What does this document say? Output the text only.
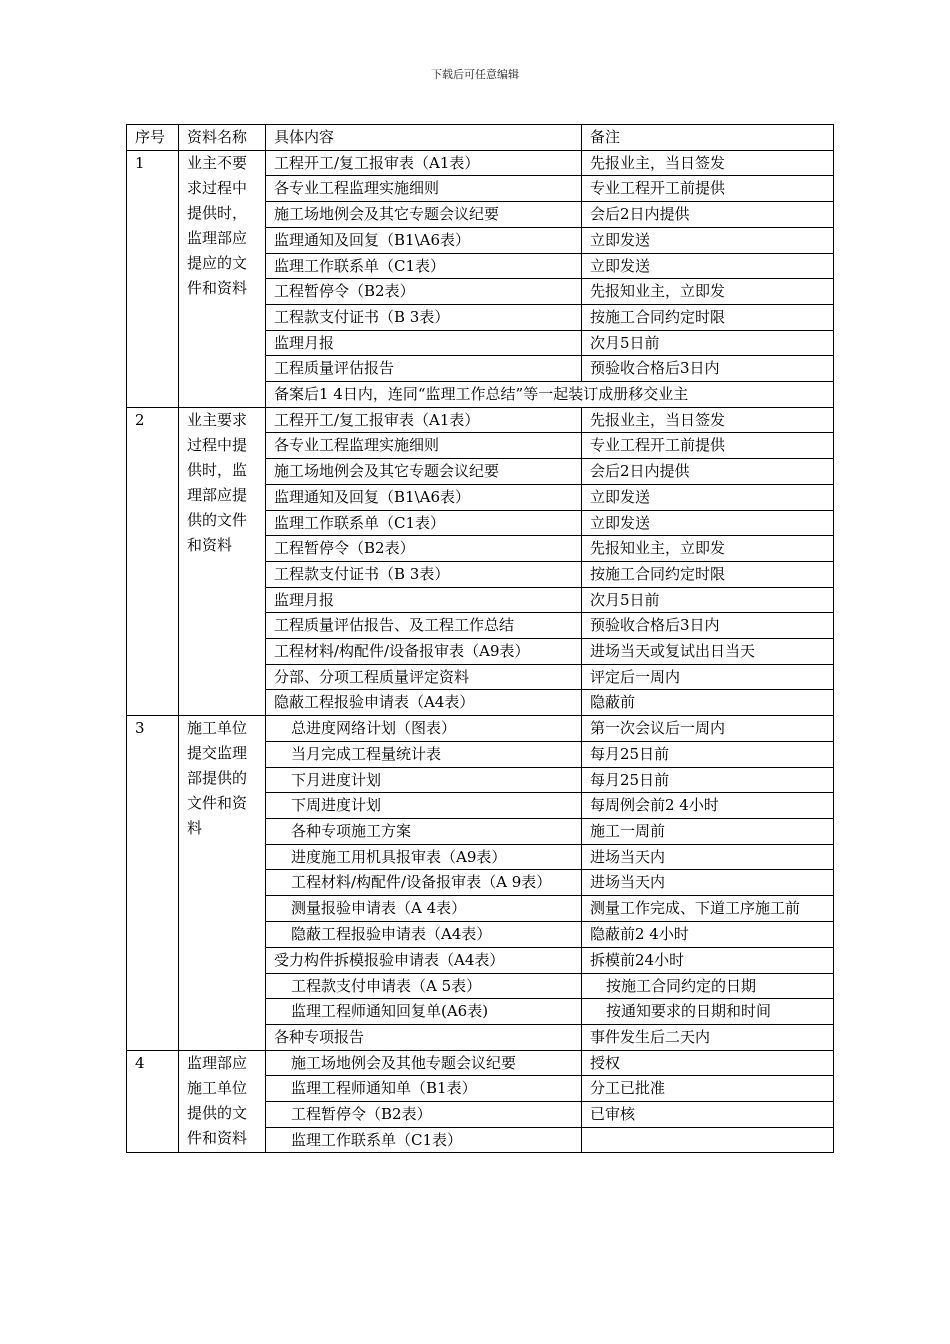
下载后可任意编辑
序号	资料名称	具体内容	备注
1	业主不要求过程中提供时，监理部应提应的文件和资料	工程开工/复工报审表（A1表）	先报业主，当日签发
		各专业工程监理实施细则	专业工程开工前提供
		施工场地例会及其它专题会议纪要	会后2日内提供
		监理通知及回复（B1\A6表）	立即发送
		监理工作联系单（C1表）	立即发送
		工程暂停令（B2表）	先报知业主，立即发
		工程款支付证书（B 3表）	按施工合同约定时限
		监理月报	次月5日前
		工程质量评估报告	预验收合格后3日内
		备案后1 4日内，连同“监理工作总结”等一起装订成册移交业主	
2	业主要求过程中提供时，监理部应提供的文件和资料	工程开工/复工报审表（A1表）	先报业主，当日签发
		各专业工程监理实施细则	专业工程开工前提供
		施工场地例会及其它专题会议纪要	会后2日内提供
		监理通知及回复（B1\A6表）	立即发送
		监理工作联系单（C1表）	立即发送
		工程暂停令（B2表）	先报知业主，立即发
		工程款支付证书（B 3表）	按施工合同约定时限
		监理月报	次月5日前
		工程质量评估报告、及工程工作总结	预验收合格后3日内
		工程材料/构配件/设备报审表（A9表）	进场当天或复试出日当天
		分部、分项工程质量评定资料	评定后一周内
		隐蔽工程报验申请表（A4表）	隐蔽前
3	施工单位提交监理部提供的文件和资料	总进度网络计划（图表）	第一次会议后一周内
		当月完成工程量统计表	每月25日前
		下月进度计划	每月25日前
		下周进度计划	每周例会前2 4小时
		各种专项施工方案	施工一周前
		进度施工用机具报审表（A9表）	进场当天内
		工程材料/构配件/设备报审表（A 9表）	进场当天内
		测量报验申请表（A 4表）	测量工作完成、下道工序施工前
		隐蔽工程报验申请表（A4表）	隐蔽前2 4小时
		受力构件拆模报验申请表（A4表）	拆模前24小时
		工程款支付申请表（A 5表）	按施工合同约定的日期
		监理工程师通知回复单(A6表)	按通知要求的日期和时间
		各种专项报告	事件发生后二天内
4	监理部应施工单位提供的文件和资料	施工场地例会及其他专题会议纪要	授权
		监理工程师通知单（B1表）	分工已批准
		工程暂停令（B2表）	已审核
		监理工作联系单（C1表）	
